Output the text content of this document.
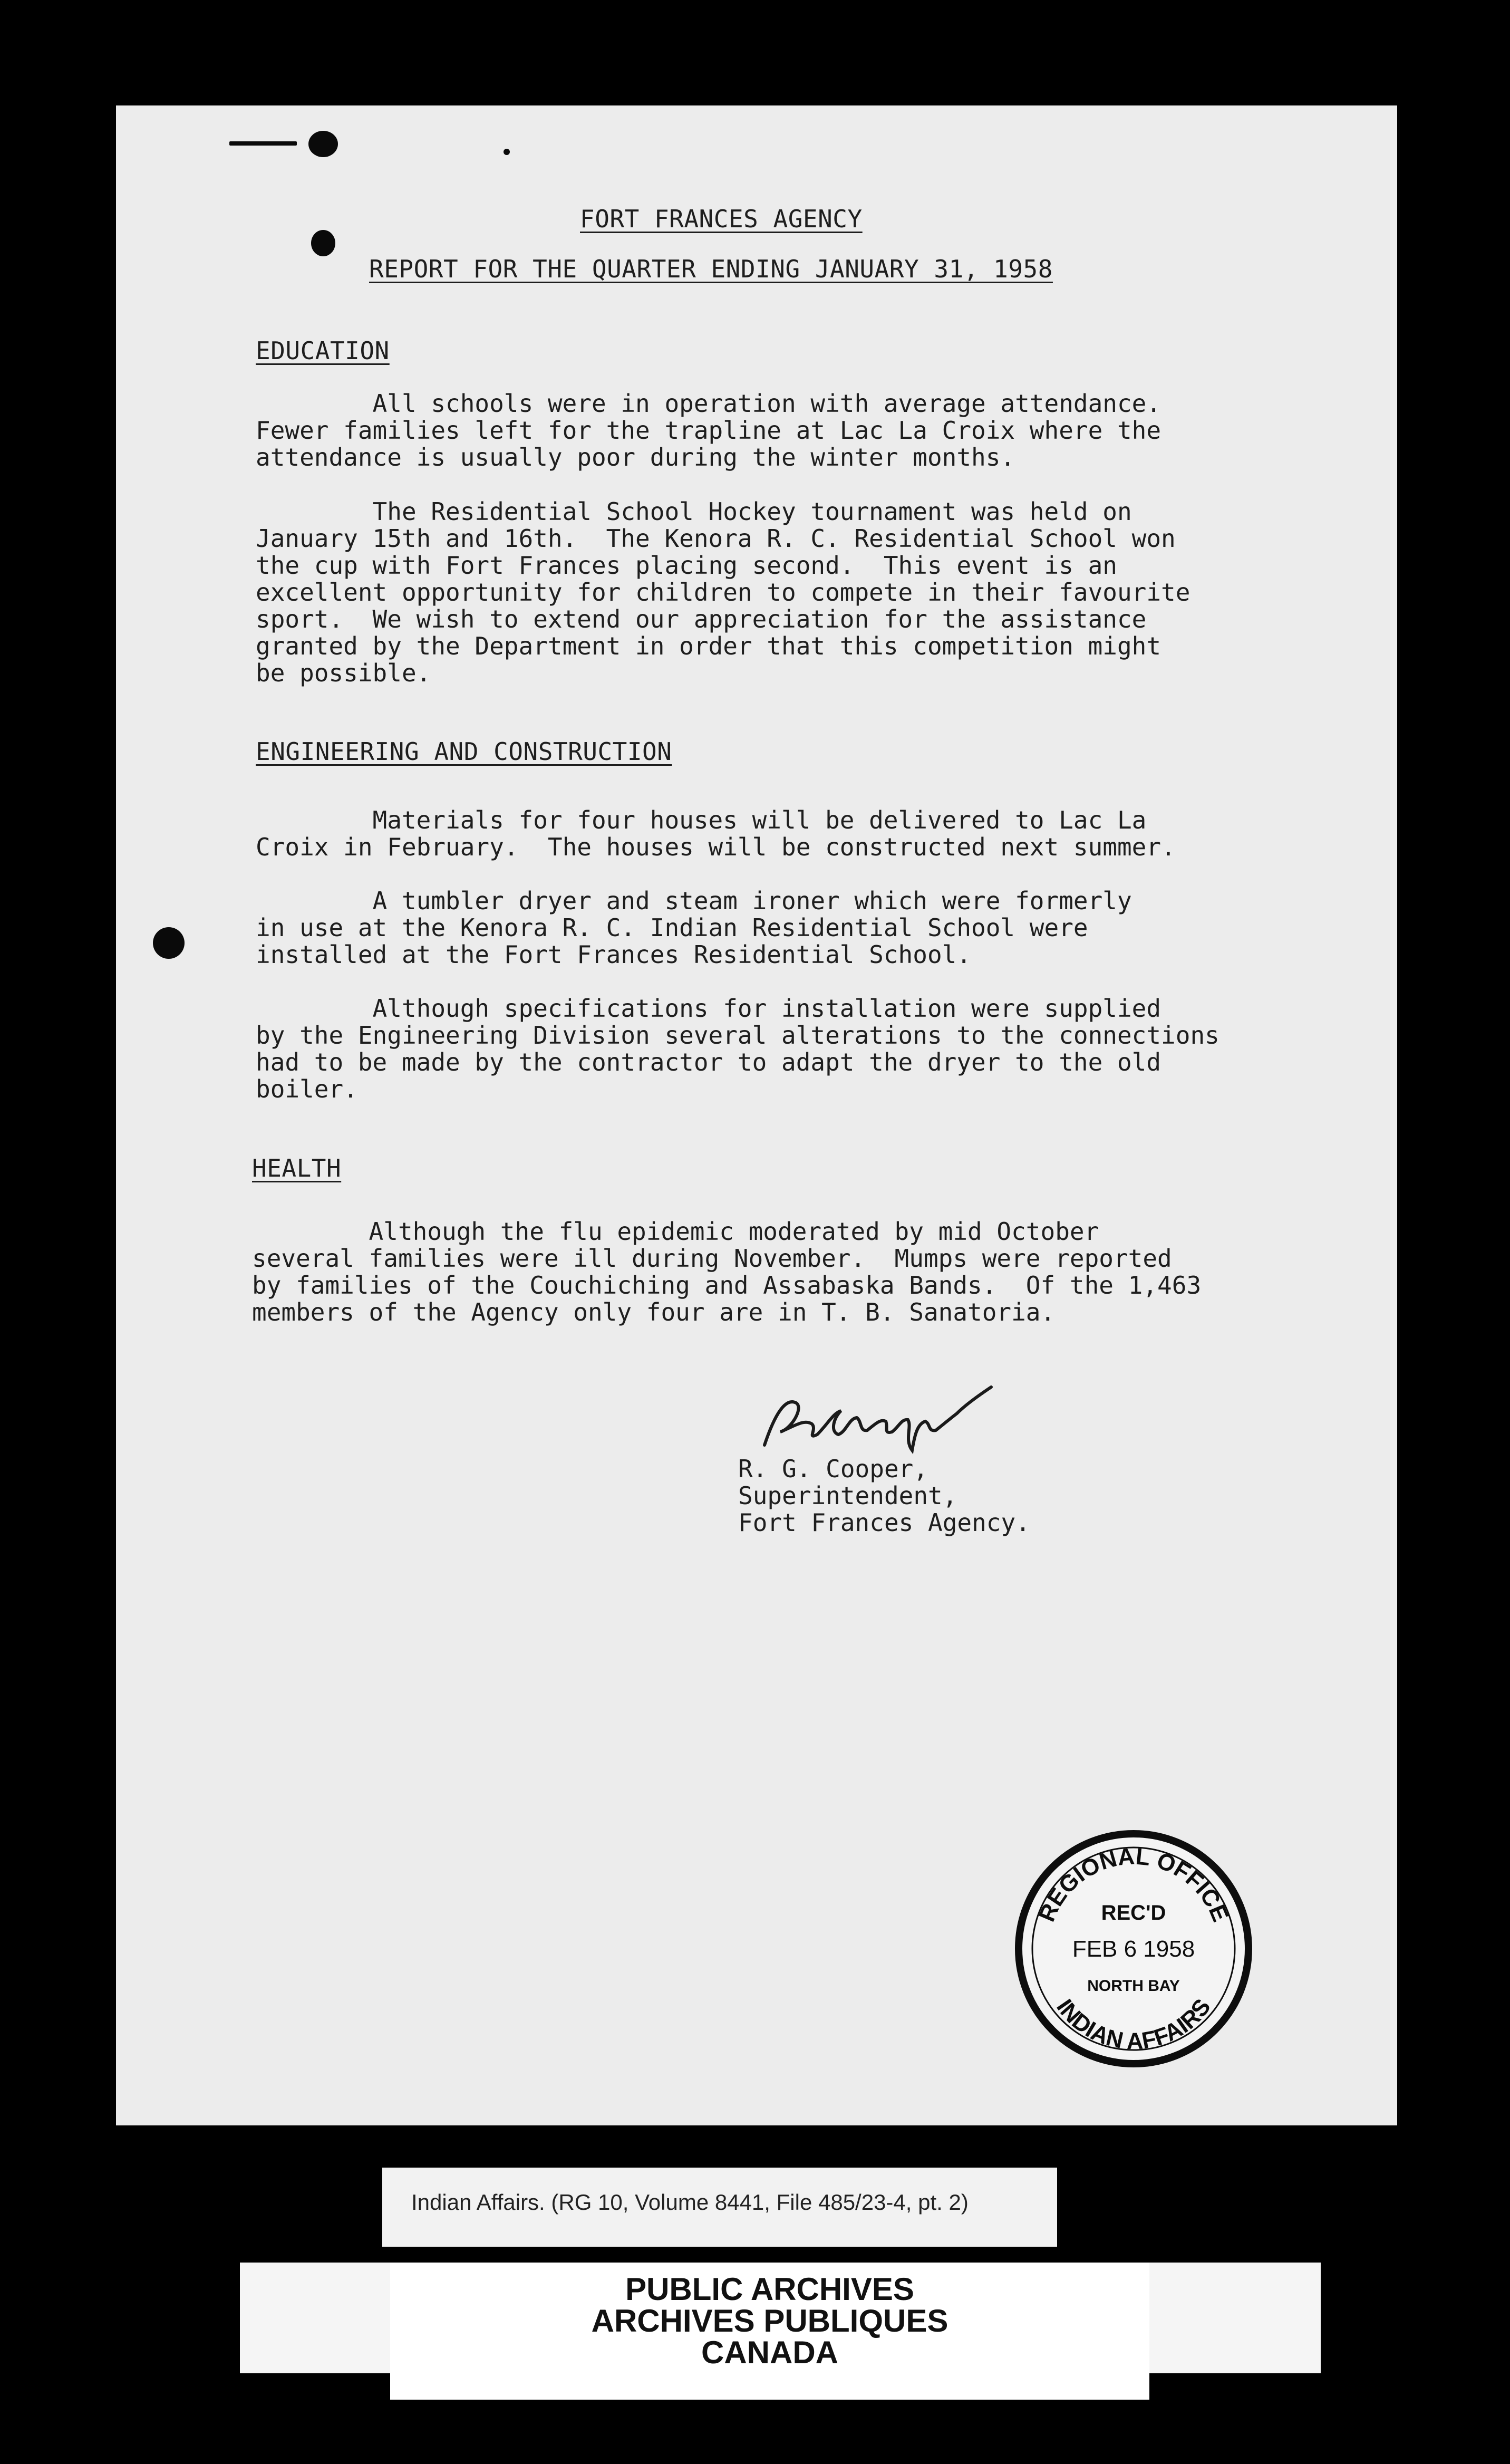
FORT FRANCES AGENCY
REPORT FOR THE QUARTER ENDING JANUARY 31, 1958
EDUCATION
All schools were in operation with average attendance.
Fewer families left for the trapline at Lac La Croix where the
attendance is usually poor during the winter months.
The Residential School Hockey tournament was held on
January 15th and 16th.  The Kenora R. C. Residential School won
the cup with Fort Frances placing second.  This event is an
excellent opportunity for children to compete in their favourite
sport.  We wish to extend our appreciation for the assistance
granted by the Department in order that this competition might
be possible.
ENGINEERING AND CONSTRUCTION
Materials for four houses will be delivered to Lac La
Croix in February.  The houses will be constructed next summer.
A tumbler dryer and steam ironer which were formerly
in use at the Kenora R. C. Indian Residential School were
installed at the Fort Frances Residential School.
Although specifications for installation were supplied
by the Engineering Division several alterations to the connections
had to be made by the contractor to adapt the dryer to the old
boiler.
HEALTH
Although the flu epidemic moderated by mid October
several families were ill during November.  Mumps were reported
by families of the Couchiching and Assabaska Bands.  Of the 1,463
members of the Agency only four are in T. B. Sanatoria.
R. G. Cooper,
Superintendent,
Fort Frances Agency.
REGIONAL OFFICE
REC'D
FEB 6 1958
NORTH BAY
INDIAN AFFAIRS
Indian Affairs. (RG 10, Volume 8441, File 485/23-4, pt. 2)
PUBLIC ARCHIVES
ARCHIVES PUBLIQUES
CANADA
